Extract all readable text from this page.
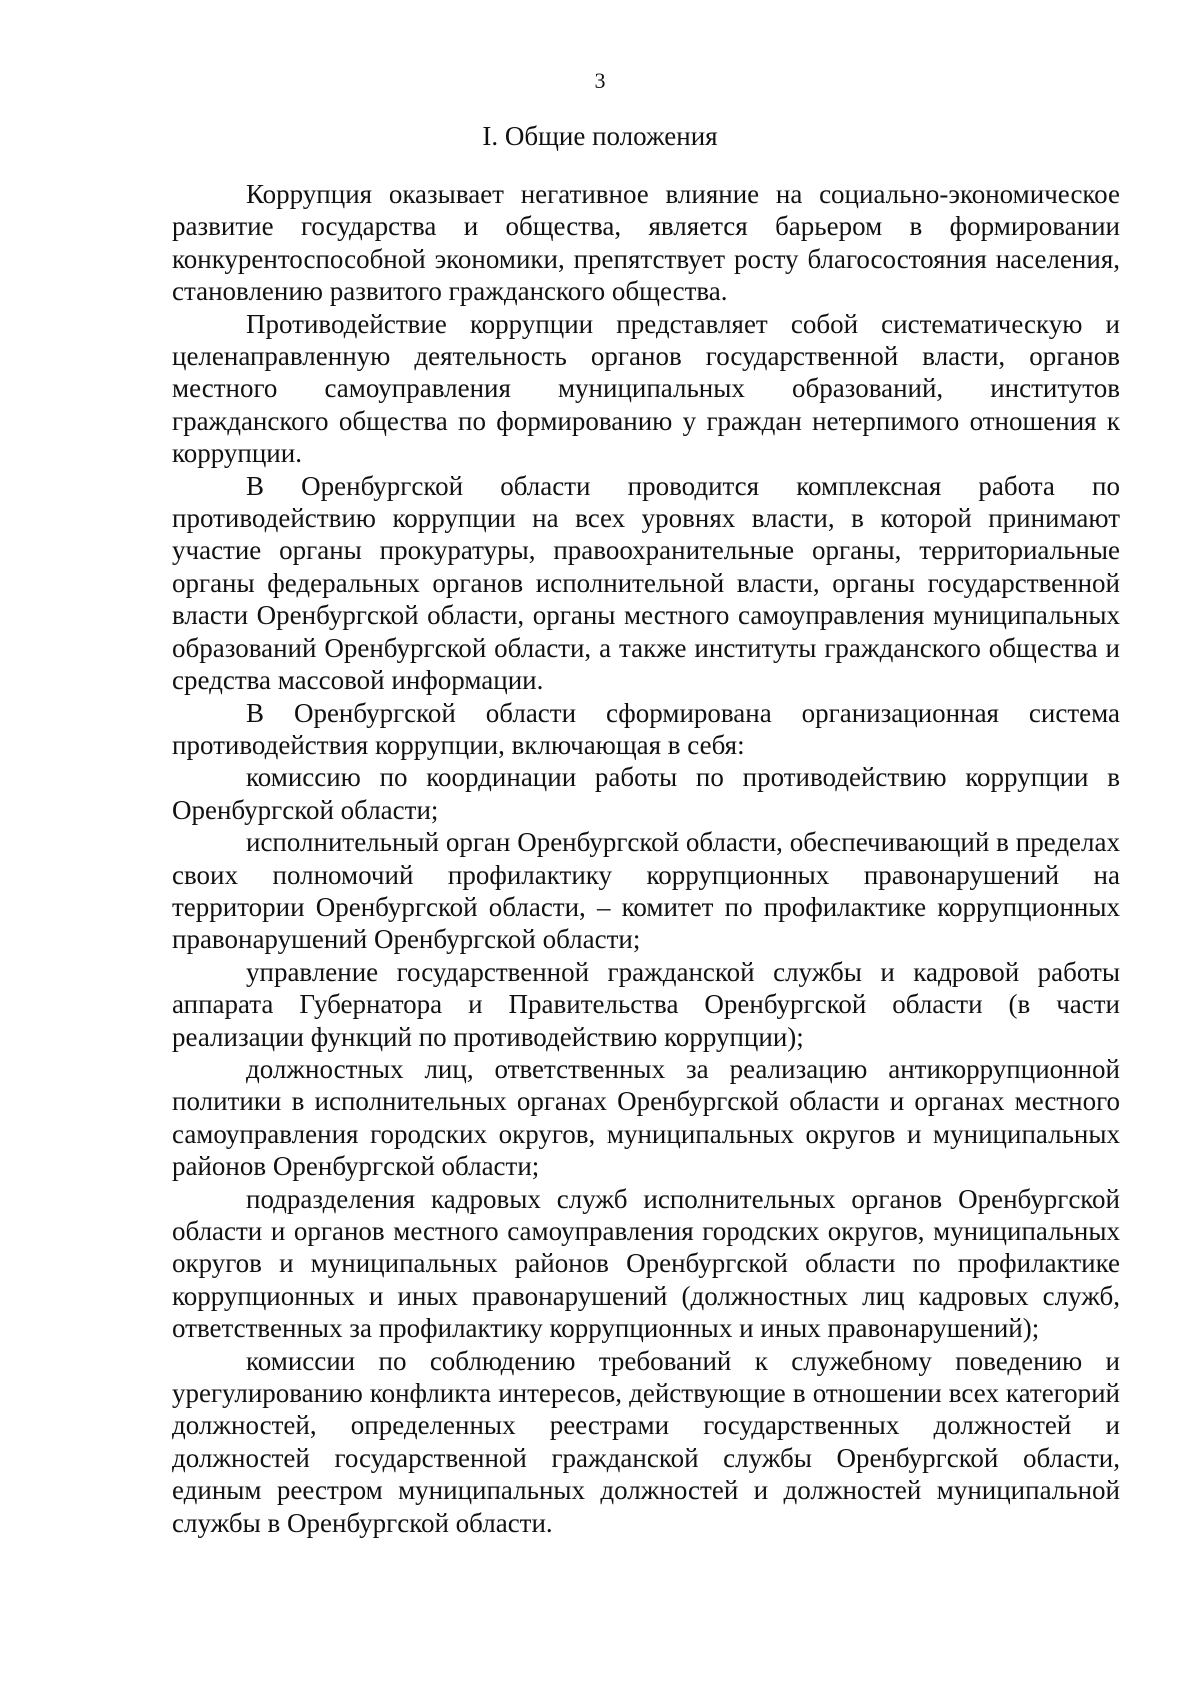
3
I. Общие положения

Коррупция оказывает негативное влияние на социально-экономическое развитие государства и общества, является барьером в формировании конкурентоспособной экономики, препятствует росту благосостояния населения, становлению развитого гражданского общества.

Противодействие коррупции представляет собой систематическую и целенаправленную деятельность органов государственной власти, органов местного самоуправления муниципальных образований, институтов гражданского общества по формированию у граждан нетерпимого отношения к коррупции.

В Оренбургской области проводится комплексная работа по противодействию коррупции на всех уровнях власти, в которой принимают участие органы прокуратуры, правоохранительные органы, территориальные органы федеральных органов исполнительной власти, органы государственной власти Оренбургской области, органы местного самоуправления муниципальных образований Оренбургской области, а также институты гражданского общества и средства массовой информации.

В Оренбургской области сформирована организационная система противодействия коррупции, включающая в себя:

комиссию по координации работы по противодействию коррупции в Оренбургской области;

исполнительный орган Оренбургской области, обеспечивающий в пределах своих полномочий профилактику коррупционных правонарушений на территории Оренбургской области, – комитет по профилактике коррупционных правонарушений Оренбургской области;

управление государственной гражданской службы и кадровой работы аппарата Губернатора и Правительства Оренбургской области (в части реализации функций по противодействию коррупции);

должностных лиц, ответственных за реализацию антикоррупционной политики в исполнительных органах Оренбургской области и органах местного самоуправления городских округов, муниципальных округов и муниципальных районов Оренбургской области;

подразделения кадровых служб исполнительных органов Оренбургской области и органов местного самоуправления городских округов, муниципальных округов и муниципальных районов Оренбургской области по профилактике коррупционных и иных правонарушений (должностных лиц кадровых служб, ответственных за профилактику коррупционных и иных правонарушений);

комиссии по соблюдению требований к служебному поведению и урегулированию конфликта интересов, действующие в отношении всех категорий должностей, определенных реестрами государственных должностей и должностей государственной гражданской службы Оренбургской области, единым реестром муниципальных должностей и должностей муниципальной службы в Оренбургской области.
